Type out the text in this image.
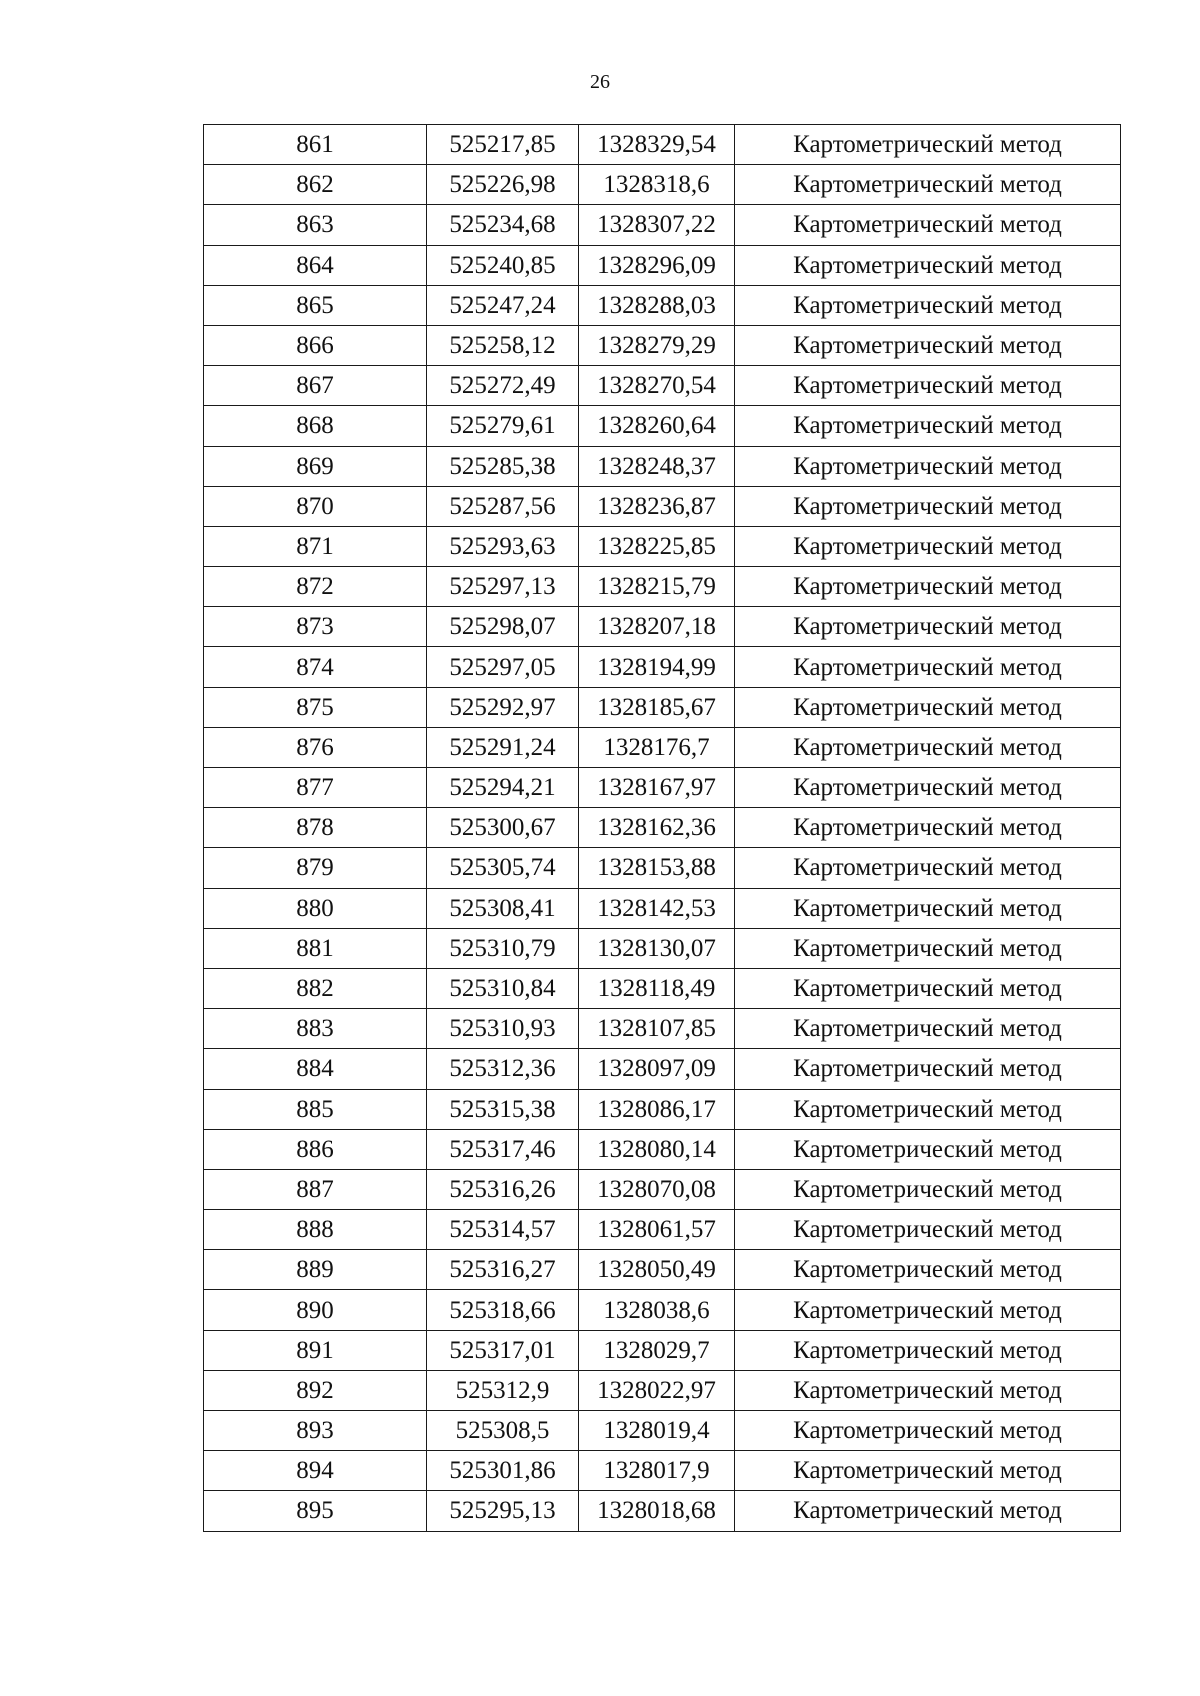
26
861	525217,85	1328329,54	Картометрический метод
862	525226,98	1328318,6	Картометрический метод
863	525234,68	1328307,22	Картометрический метод
864	525240,85	1328296,09	Картометрический метод
865	525247,24	1328288,03	Картометрический метод
866	525258,12	1328279,29	Картометрический метод
867	525272,49	1328270,54	Картометрический метод
868	525279,61	1328260,64	Картометрический метод
869	525285,38	1328248,37	Картометрический метод
870	525287,56	1328236,87	Картометрический метод
871	525293,63	1328225,85	Картометрический метод
872	525297,13	1328215,79	Картометрический метод
873	525298,07	1328207,18	Картометрический метод
874	525297,05	1328194,99	Картометрический метод
875	525292,97	1328185,67	Картометрический метод
876	525291,24	1328176,7	Картометрический метод
877	525294,21	1328167,97	Картометрический метод
878	525300,67	1328162,36	Картометрический метод
879	525305,74	1328153,88	Картометрический метод
880	525308,41	1328142,53	Картометрический метод
881	525310,79	1328130,07	Картометрический метод
882	525310,84	1328118,49	Картометрический метод
883	525310,93	1328107,85	Картометрический метод
884	525312,36	1328097,09	Картометрический метод
885	525315,38	1328086,17	Картометрический метод
886	525317,46	1328080,14	Картометрический метод
887	525316,26	1328070,08	Картометрический метод
888	525314,57	1328061,57	Картометрический метод
889	525316,27	1328050,49	Картометрический метод
890	525318,66	1328038,6	Картометрический метод
891	525317,01	1328029,7	Картометрический метод
892	525312,9	1328022,97	Картометрический метод
893	525308,5	1328019,4	Картометрический метод
894	525301,86	1328017,9	Картометрический метод
895	525295,13	1328018,68	Картометрический метод
